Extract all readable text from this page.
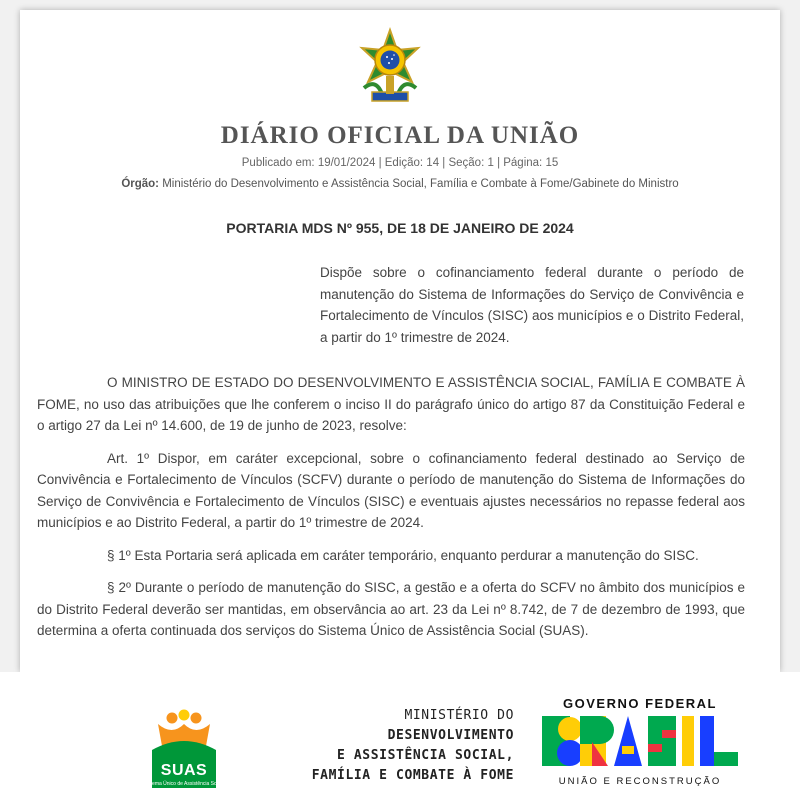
DIÁRIO OFICIAL DA UNIÃO
Publicado em: 19/01/2024 | Edição: 14 | Seção: 1 | Página: 15
Órgão: Ministério do Desenvolvimento e Assistência Social, Família e Combate à Fome/Gabinete do Ministro
PORTARIA MDS Nº 955, DE 18 DE JANEIRO DE 2024
Dispõe sobre o cofinanciamento federal durante o período de manutenção do Sistema de Informações do Serviço de Convivência e Fortalecimento de Vínculos (SISC) aos municípios e o Distrito Federal, a partir do 1º trimestre de 2024.

O MINISTRO DE ESTADO DO DESENVOLVIMENTO E ASSISTÊNCIA SOCIAL, FAMÍLIA E COMBATE À FOME, no uso das atribuições que lhe conferem o inciso II do parágrafo único do artigo 87 da Constituição Federal e o artigo 27 da Lei nº 14.600, de 19 de junho de 2023, resolve:

Art. 1º Dispor, em caráter excepcional, sobre o cofinanciamento federal destinado ao Serviço de Convivência e Fortalecimento de Vínculos (SCFV) durante o período de manutenção do Sistema de Informações do Serviço de Convivência e Fortalecimento de Vínculos (SISC) e eventuais ajustes necessários no repasse federal aos municípios e ao Distrito Federal, a partir do 1º trimestre de 2024.

§ 1º Esta Portaria será aplicada em caráter temporário, enquanto perdurar a manutenção do SISC.

§ 2º Durante o período de manutenção do SISC, a gestão e a oferta do SCFV no âmbito dos municípios e do Distrito Federal deverão ser mantidas, em observância ao art. 23 da Lei nº 8.742, de 7 de dezembro de 1993, que determina a oferta continuada dos serviços do Sistema Único de Assistência Social (SUAS).

Sistema Único de Assistência Social
SUAS
MINISTÉRIO DO
DESENVOLVIMENTO
E ASSISTÊNCIA SOCIAL,
FAMÍLIA E COMBATE À FOME
GOVERNO FEDERAL
UNIÃO E RECONSTRUÇÃO
